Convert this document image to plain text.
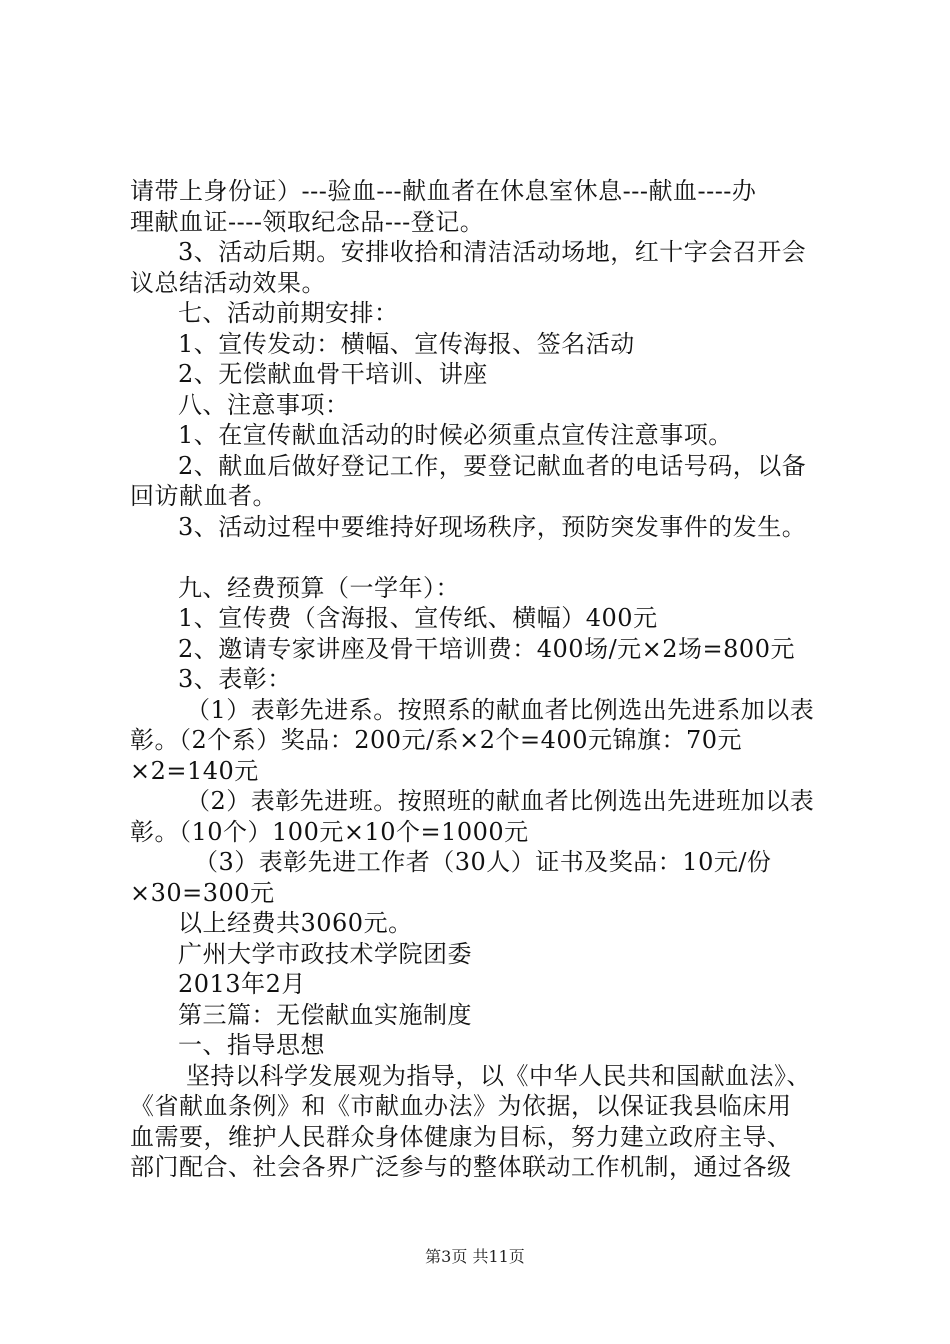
请带上身份证）---验血---献血者在休息室休息---献血----办
理献血证----领取纪念品---登记。
3、活动后期。安排收拾和清洁活动场地，红十字会召开会
议总结活动效果。
七、活动前期安排：
1、宣传发动：横幅、宣传海报、签名活动
2、无偿献血骨干培训、讲座
八、注意事项：
1、在宣传献血活动的时候必须重点宣传注意事项。
2、献血后做好登记工作，要登记献血者的电话号码，以备
回访献血者。
3、活动过程中要维持好现场秩序，预防突发事件的发生。
九、经费预算（一学年）：
1、宣传费（含海报、宣传纸、横幅）400元
2、邀请专家讲座及骨干培训费：400场/元×2场=800元
3、表彰：
（1）表彰先进系。按照系的献血者比例选出先进系加以表
彰。（2个系）奖品：200元/系×2个=400元锦旗：70元
×2=140元
（2）表彰先进班。按照班的献血者比例选出先进班加以表
彰。（10个）100元×10个=1000元
（3）表彰先进工作者（30人）证书及奖品：10元/份
×30=300元
以上经费共3060元。
广州大学市政技术学院团委
2013年2月
第三篇：无偿献血实施制度
一、指导思想
坚持以科学发展观为指导，以《中华人民共和国献血法》、
《省献血条例》和《市献血办法》为依据，以保证我县临床用
血需要，维护人民群众身体健康为目标，努力建立政府主导、
部门配合、社会各界广泛参与的整体联动工作机制，通过各级
第3页 共11页
